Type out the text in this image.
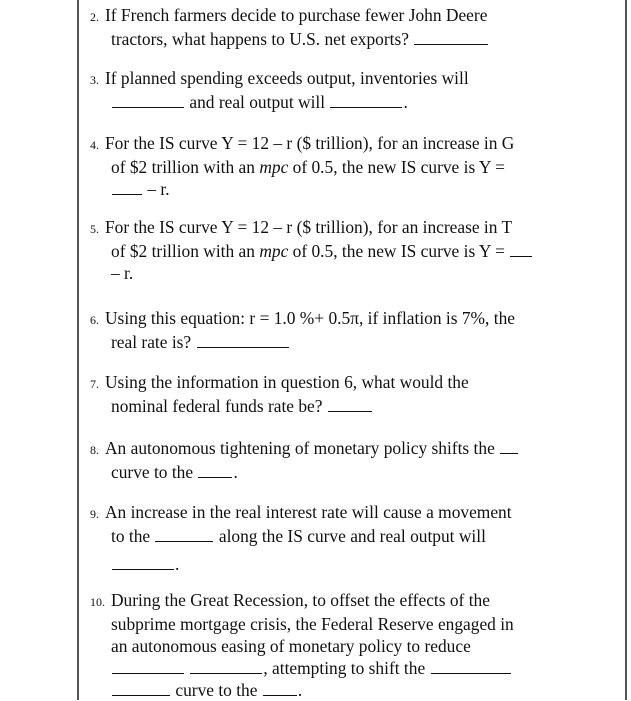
2. If French farmers decide to purchase fewer John Deere
tractors, what happens to U.S. net exports?
3. If planned spending exceeds output, inventories will
and real output will	.
4. For the IS curve Y = 12 – r ($ trillion), for an increase in G
of $2 trillion with an mpc of 0.5, the new IS curve is Y =
– r.
5. For the IS curve Y = 12 – r ($ trillion), for an increase in T
of $2 trillion with an mpc of 0.5, the new IS curve is Y =
– r.
6. Using this equation: r = 1.0 %+ 0.5π, if inflation is 7%, the
real rate is?
7. Using the information in question 6, what would the
nominal federal funds rate be?
8. An autonomous tightening of monetary policy shifts the
curve to the .
9. An increase in the real interest rate will cause a movement
to the	along the IS curve and real output will
.
10. During the Great Recession, to offset the effects of the
subprime mortgage crisis, the Federal Reserve engaged in
an autonomous easing of monetary policy to reduce
, attempting to shift the
curve to the .
